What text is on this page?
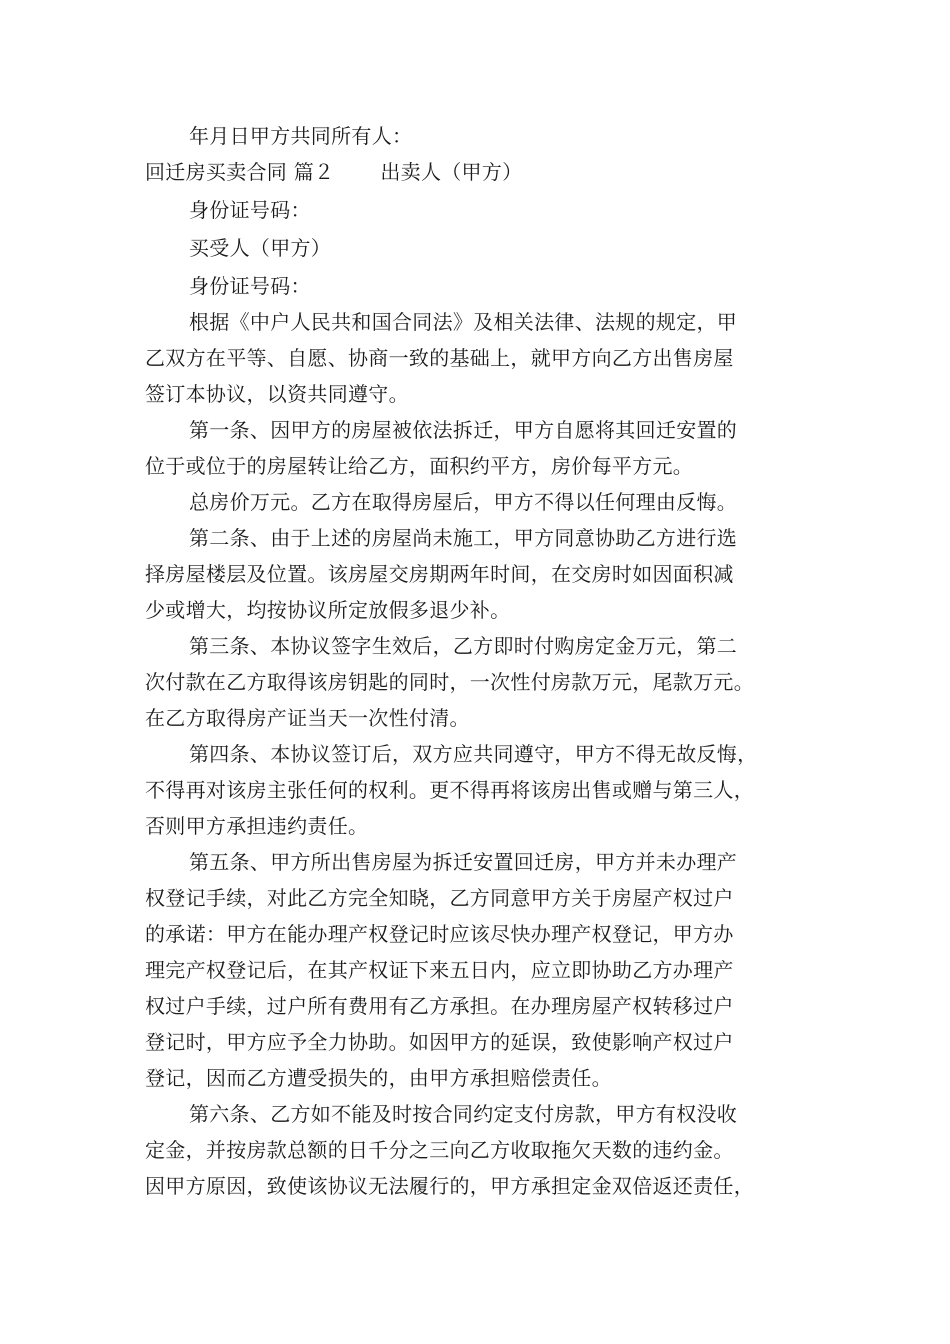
年月日甲方共同所有人：
回迁房买卖合同 篇２ 出卖人（甲方）
身份证号码：
买受人（甲方）
身份证号码：
根据《中户人民共和国合同法》及相关法律、法规的规定，甲
乙双方在平等、自愿、协商一致的基础上，就甲方向乙方出售房屋
签订本协议，以资共同遵守。
第一条、因甲方的房屋被依法拆迁，甲方自愿将其回迁安置的
位于或位于的房屋转让给乙方，面积约平方，房价每平方元。
总房价万元。乙方在取得房屋后，甲方不得以任何理由反悔。
第二条、由于上述的房屋尚未施工，甲方同意协助乙方进行选
择房屋楼层及位置。该房屋交房期两年时间，在交房时如因面积减
少或增大，均按协议所定放假多退少补。
第三条、本协议签字生效后，乙方即时付购房定金万元，第二
次付款在乙方取得该房钥匙的同时，一次性付房款万元，尾款万元。
在乙方取得房产证当天一次性付清。
第四条、本协议签订后，双方应共同遵守，甲方不得无故反悔，
不得再对该房主张任何的权利。更不得再将该房出售或赠与第三人，
否则甲方承担违约责任。
第五条、甲方所出售房屋为拆迁安置回迁房，甲方并未办理产
权登记手续，对此乙方完全知晓，乙方同意甲方关于房屋产权过户
的承诺：甲方在能办理产权登记时应该尽快办理产权登记，甲方办
理完产权登记后，在其产权证下来五日内，应立即协助乙方办理产
权过户手续，过户所有费用有乙方承担。在办理房屋产权转移过户
登记时，甲方应予全力协助。如因甲方的延误，致使影响产权过户
登记，因而乙方遭受损失的，由甲方承担赔偿责任。
第六条、乙方如不能及时按合同约定支付房款，甲方有权没收
定金，并按房款总额的日千分之三向乙方收取拖欠天数的违约金。
因甲方原因，致使该协议无法履行的，甲方承担定金双倍返还责任，
